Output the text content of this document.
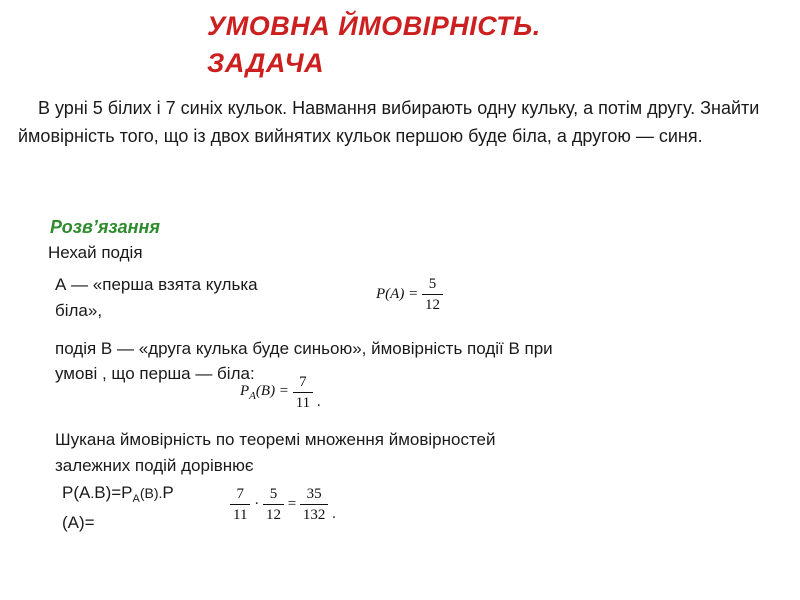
УМОВНА ЙМОВІРНІСТЬ.
ЗАДАЧА
В урні 5 білих і 7 синіх кульок. Навмання вибирають одну кульку, а потім другу. Знайти ймовірність того, що із двох вийнятих кульок першою буде біла, а другою — синя.
Розв’язання
Нехай подія
А — «перша взята кулька
біла»,
$P(A) = \frac{5}{12}$
подія В — «друга кулька буде синьою», ймовірність події В при
умові , що перша — біла:
$P_A(B) = \frac{7}{11}$ .
Шукана ймовірність по теоремі множення ймовірностей
залежних подій дорівнює
$Р(А.В)=Р_А(В).Р$
(А)=	$\frac{7}{11} \cdot \frac{5}{12} = \frac{35}{132}$ .
